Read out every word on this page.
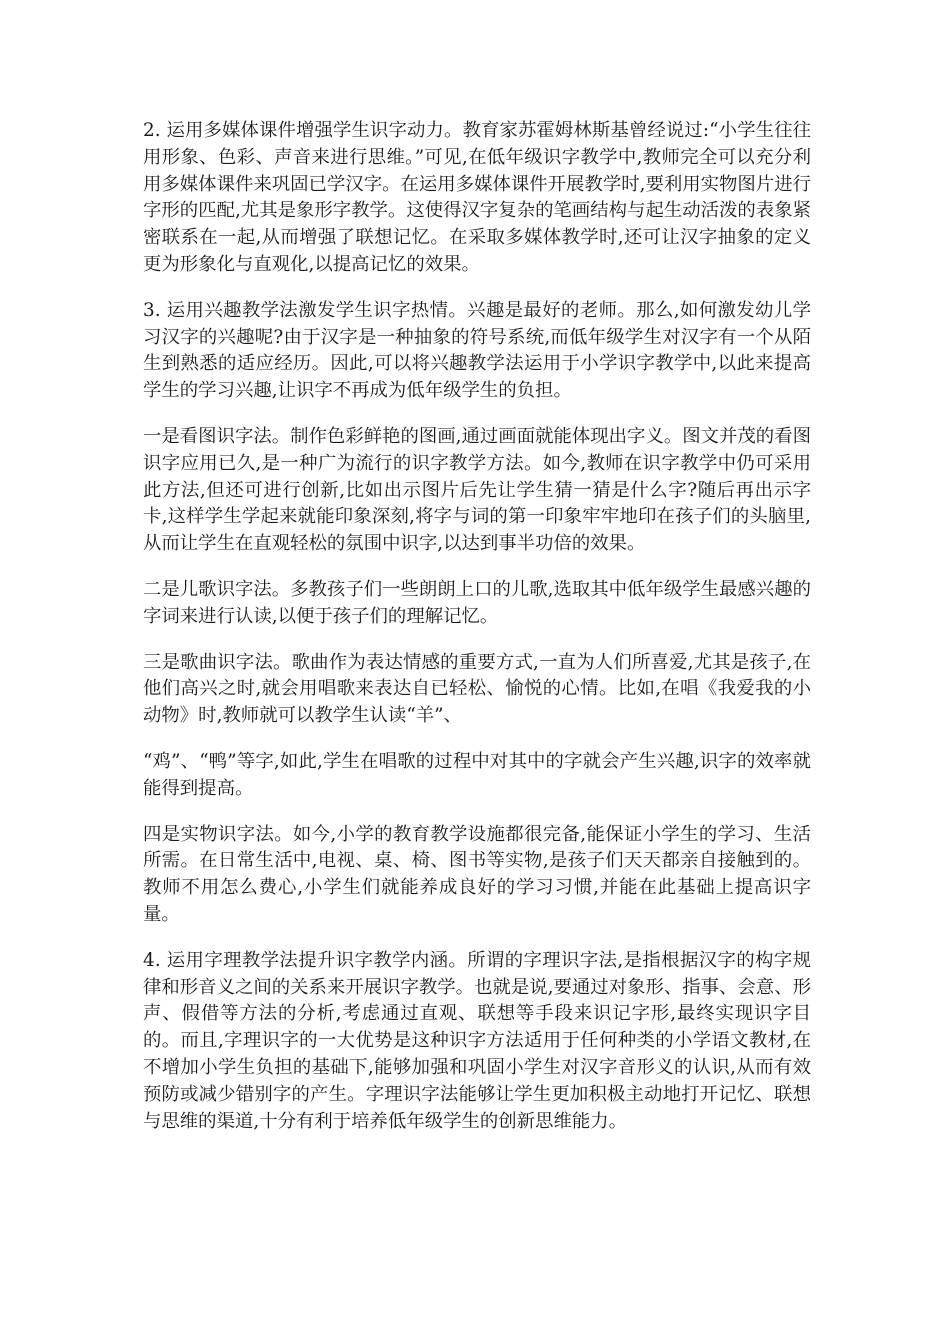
2. 运用多媒体课件增强学生识字动力。教育家苏霍姆林斯基曾经说过:“小学生往往用形象、色彩、声音来进行思维。”可见,在低年级识字教学中,教师完全可以充分利用多媒体课件来巩固已学汉字。在运用多媒体课件开展教学时,要利用实物图片进行字形的匹配,尤其是象形字教学。这使得汉字复杂的笔画结构与起生动活泼的表象紧密联系在一起,从而增强了联想记忆。在采取多媒体教学时,还可让汉字抽象的定义更为形象化与直观化,以提高记忆的效果。

3. 运用兴趣教学法激发学生识字热情。兴趣是最好的老师。那么,如何激发幼儿学习汉字的兴趣呢?由于汉字是一种抽象的符号系统,而低年级学生对汉字有一个从陌生到熟悉的适应经历。因此,可以将兴趣教学法运用于小学识字教学中,以此来提高学生的学习兴趣,让识字不再成为低年级学生的负担。

一是看图识字法。制作色彩鲜艳的图画,通过画面就能体现出字义。图文并茂的看图识字应用已久,是一种广为流行的识字教学方法。如今,教师在识字教学中仍可采用此方法,但还可进行创新,比如出示图片后先让学生猜一猜是什么字?随后再出示字卡,这样学生学起来就能印象深刻,将字与词的第一印象牢牢地印在孩子们的头脑里,从而让学生在直观轻松的氛围中识字,以达到事半功倍的效果。

二是儿歌识字法。多教孩子们一些朗朗上口的儿歌,选取其中低年级学生最感兴趣的字词来进行认读,以便于孩子们的理解记忆。

三是歌曲识字法。歌曲作为表达情感的重要方式,一直为人们所喜爱,尤其是孩子,在他们高兴之时,就会用唱歌来表达自已轻松、愉悦的心情。比如,在唱《我爱我的小动物》时,教师就可以教学生认读“羊”、

“鸡”、“鸭”等字,如此,学生在唱歌的过程中对其中的字就会产生兴趣,识字的效率就能得到提高。

四是实物识字法。如今,小学的教育教学设施都很完备,能保证小学生的学习、生活所需。在日常生活中,电视、桌、椅、图书等实物,是孩子们天天都亲自接触到的。教师不用怎么费心,小学生们就能养成良好的学习习惯,并能在此基础上提高识字量。

4. 运用字理教学法提升识字教学内涵。所谓的字理识字法,是指根据汉字的构字规律和形音义之间的关系来开展识字教学。也就是说,要通过对象形、指事、会意、形声、假借等方法的分析,考虑通过直观、联想等手段来识记字形,最终实现识字目的。而且,字理识字的一大优势是这种识字方法适用于任何种类的小学语文教材,在不增加小学生负担的基础下,能够加强和巩固小学生对汉字音形义的认识,从而有效预防或减少错别字的产生。字理识字法能够让学生更加积极主动地打开记忆、联想与思维的渠道,十分有利于培养低年级学生的创新思维能力。
